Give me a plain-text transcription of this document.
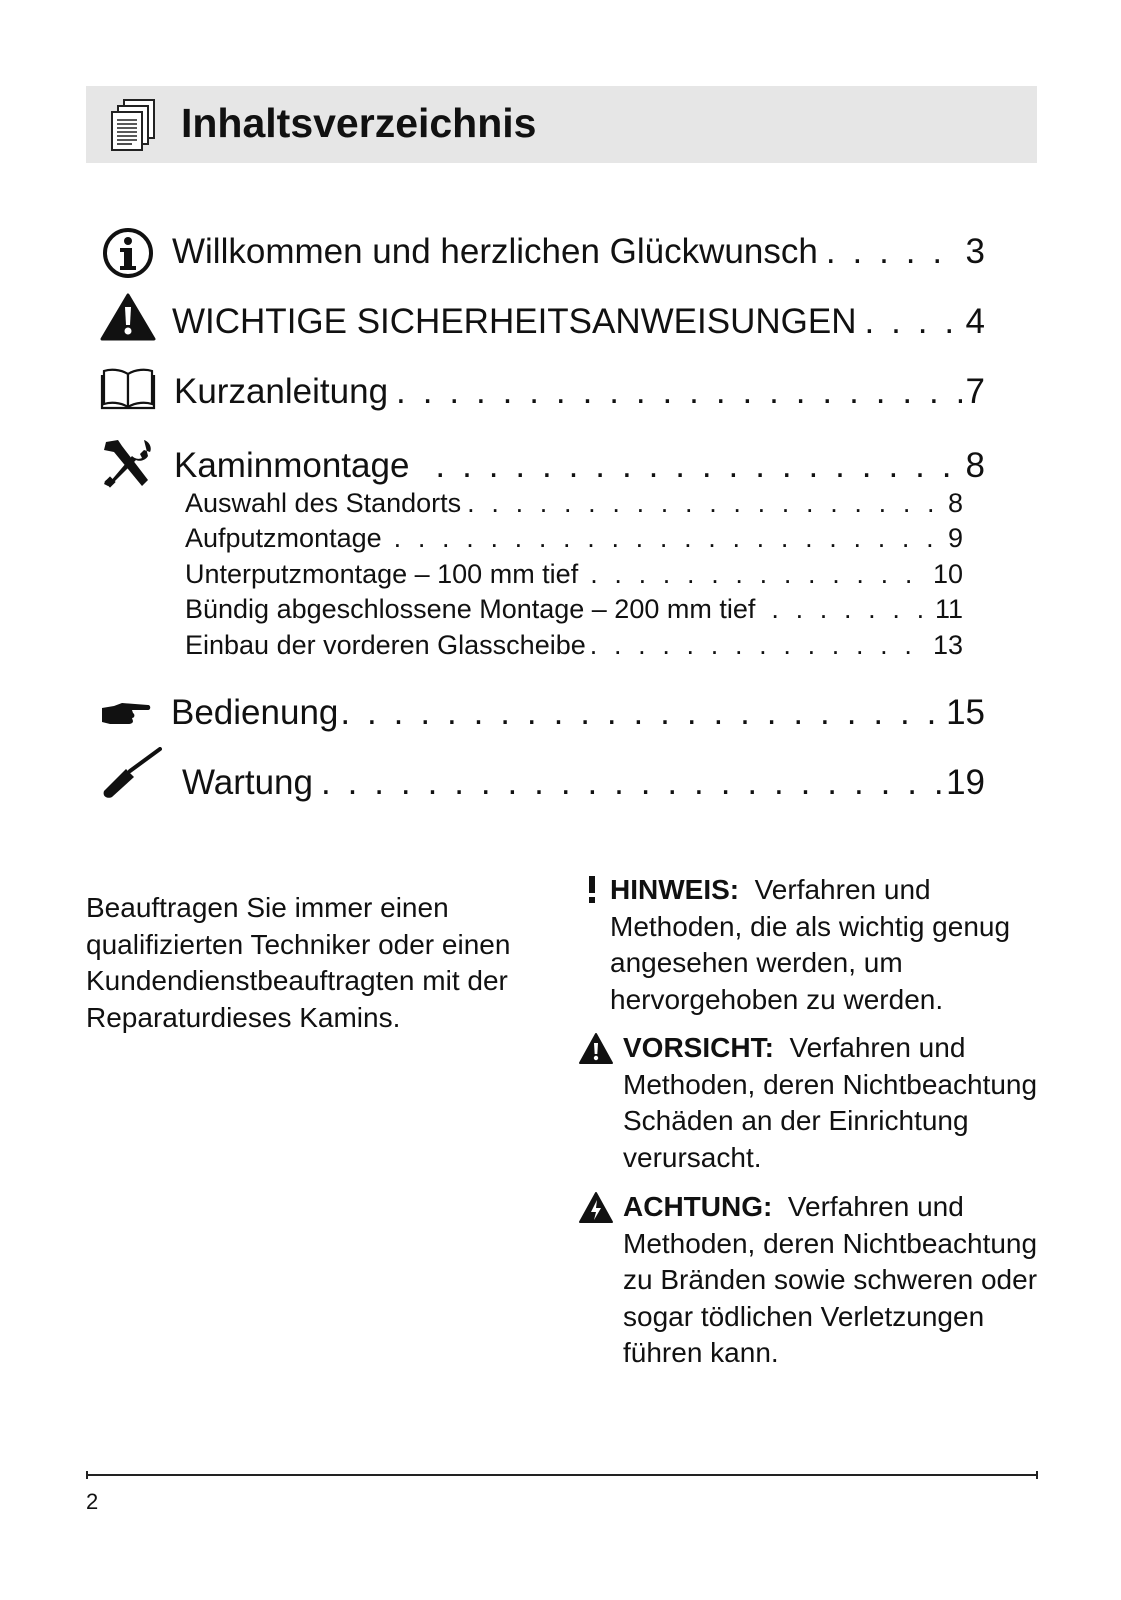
Inhaltsverzeichnis
Willkommen und herzlichen Glückwunsch . . .	3
WICHTIGE SICHERHEITSANWEISUNGEN . . .	4
Kurzanleitung . . .	7
Kaminmontage . . .	8
Auswahl des Standorts . . .	8
Aufputzmontage . . .	9
Unterputzmontage – 100 mm tief . . .	10
Bündig abgeschlossene Montage – 200 mm tief . . .	11
Einbau der vorderen Glasscheibe . . .	13
Bedienung . . .	15
Wartung . . .	19
Beauftragen Sie immer einen qualifizierten Techniker oder einen Kundendienstbeauftragten mit der Reparaturdieses Kamins.
HINWEIS: Verfahren und Methoden, die als wichtig genug angesehen werden, um hervorgehoben zu werden.
VORSICHT: Verfahren und Methoden, deren Nichtbeachtung Schäden an der Einrichtung verursacht.
ACHTUNG: Verfahren und Methoden, deren Nichtbeachtung zu Bränden sowie schweren oder sogar tödlichen Verletzungen führen kann.
2
